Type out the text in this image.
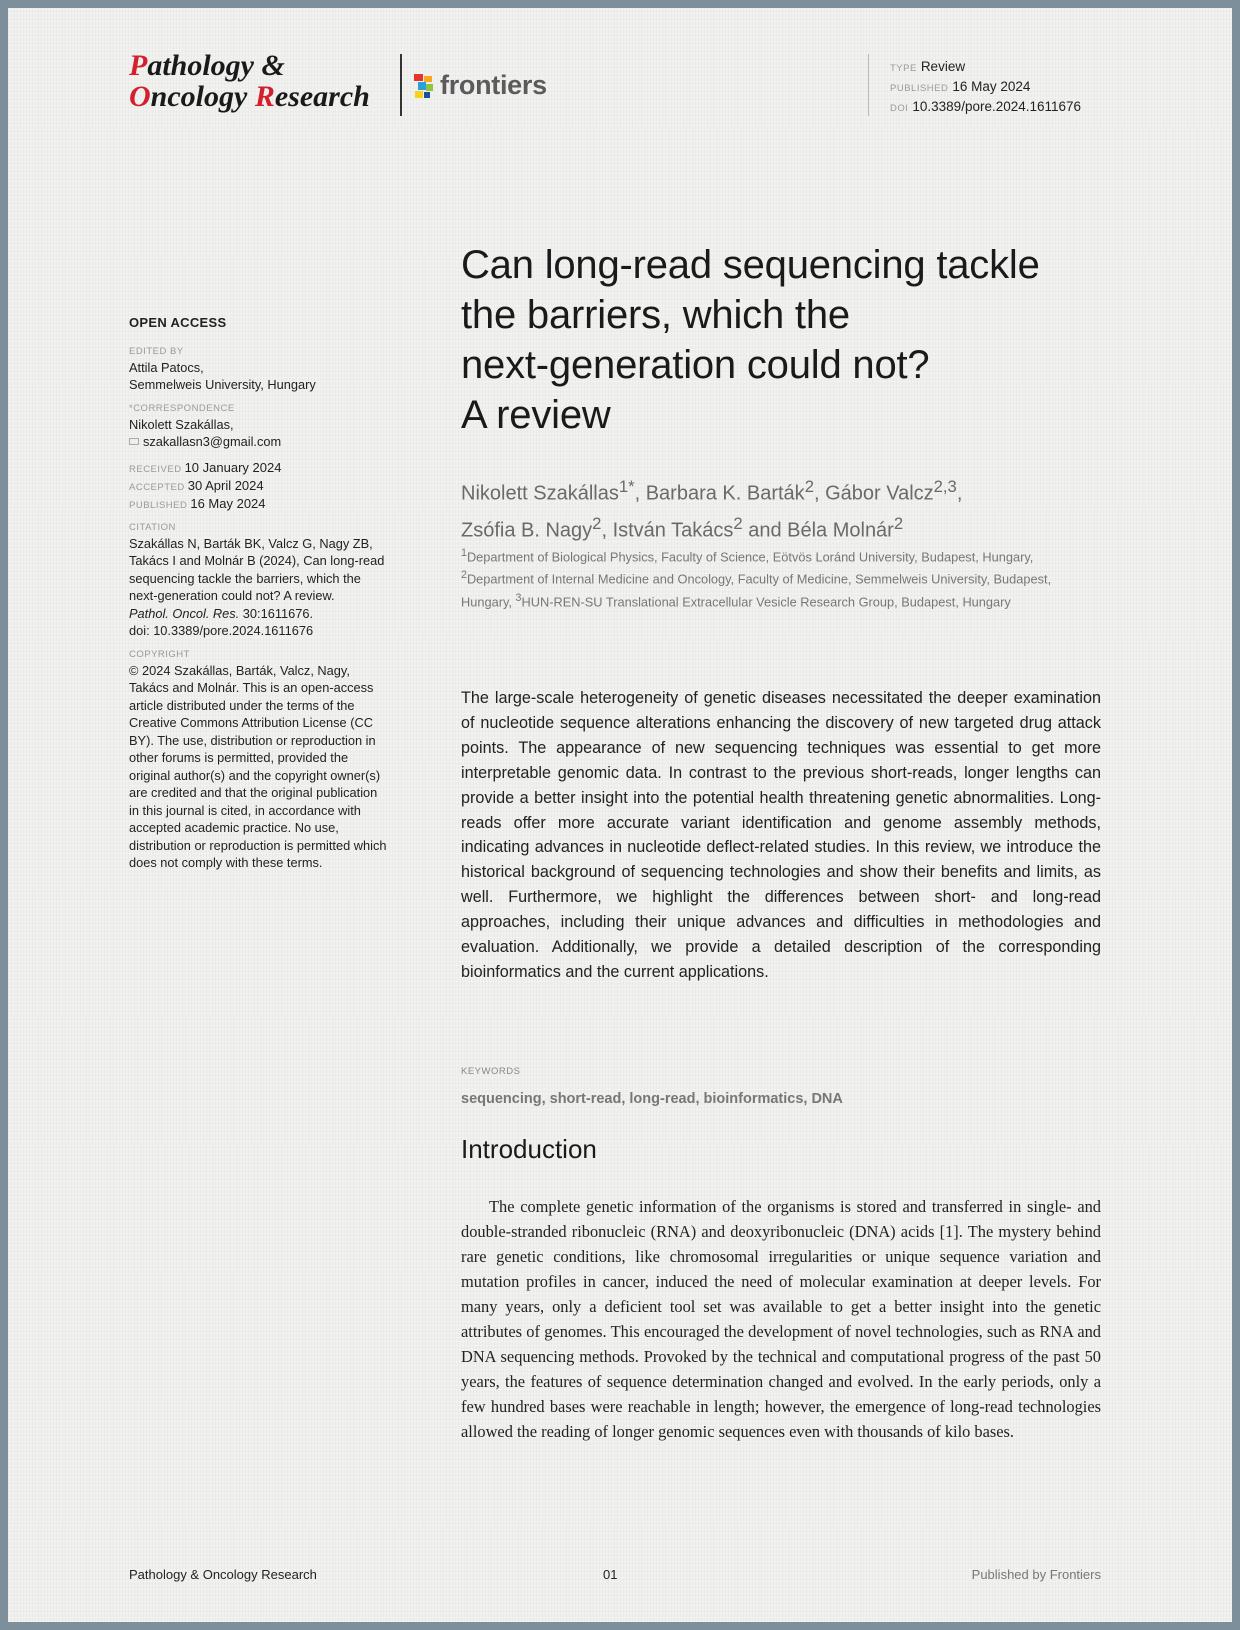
Pathology &
Oncology Research	frontiers
TYPE Review
PUBLISHED 16 May 2024
DOI 10.3389/pore.2024.1611676
OPEN ACCESS
EDITED BY
Attila Patocs,
Semmelweis University, Hungary
*CORRESPONDENCE
Nikolett Szakállas,
szakallasn3@gmail.com
RECEIVED 10 January 2024
ACCEPTED 30 April 2024
PUBLISHED 16 May 2024
CITATION
Szakállas N, Barták BK, Valcz G, Nagy ZB, Takács I and Molnár B (2024), Can long-read sequencing tackle the barriers, which the next-generation could not? A review.
Pathol. Oncol. Res. 30:1611676.
doi: 10.3389/pore.2024.1611676
COPYRIGHT
© 2024 Szakállas, Barták, Valcz, Nagy, Takács and Molnár. This is an open-access article distributed under the terms of the Creative Commons Attribution License (CC BY). The use, distribution or reproduction in other forums is permitted, provided the original author(s) and the copyright owner(s) are credited and that the original publication in this journal is cited, in accordance with accepted academic practice. No use, distribution or reproduction is permitted which does not comply with these terms.
Can long-read sequencing tackle
the barriers, which the
next-generation could not?
A review
Nikolett Szakállas$^{1*}$, Barbara K. Barták$^2$, Gábor Valcz$^{2,3}$,
Zsófia B. Nagy$^2$, István Takács$^2$ and Béla Molnár$^2$
$^1$Department of Biological Physics, Faculty of Science, Eötvös Loránd University, Budapest, Hungary, $^2$Department of Internal Medicine and Oncology, Faculty of Medicine, Semmelweis University, Budapest, Hungary, $^3$HUN-REN-SU Translational Extracellular Vesicle Research Group, Budapest, Hungary

The large-scale heterogeneity of genetic diseases necessitated the deeper examination of nucleotide sequence alterations enhancing the discovery of new targeted drug attack points. The appearance of new sequencing techniques was essential to get more interpretable genomic data. In contrast to the previous short-reads, longer lengths can provide a better insight into the potential health threatening genetic abnormalities. Long-reads offer more accurate variant identification and genome assembly methods, indicating advances in nucleotide deflect-related studies. In this review, we introduce the historical background of sequencing technologies and show their benefits and limits, as well. Furthermore, we highlight the differences between short- and long-read approaches, including their unique advances and difficulties in methodologies and evaluation. Additionally, we provide a detailed description of the corresponding bioinformatics and the current applications.

KEYWORDS
sequencing, short-read, long-read, bioinformatics, DNA
Introduction

The complete genetic information of the organisms is stored and transferred in single- and double-stranded ribonucleic (RNA) and deoxyribonucleic (DNA) acids [1]. The mystery behind rare genetic conditions, like chromosomal irregularities or unique sequence variation and mutation profiles in cancer, induced the need of molecular examination at deeper levels. For many years, only a deficient tool set was available to get a better insight into the genetic attributes of genomes. This encouraged the development of novel technologies, such as RNA and DNA sequencing methods. Provoked by the technical and computational progress of the past 50 years, the features of sequence determination changed and evolved. In the early periods, only a few hundred bases were reachable in length; however, the emergence of long-read technologies allowed the reading of longer genomic sequences even with thousands of kilo bases.

Pathology & Oncology Research	01	Published by Frontiers
